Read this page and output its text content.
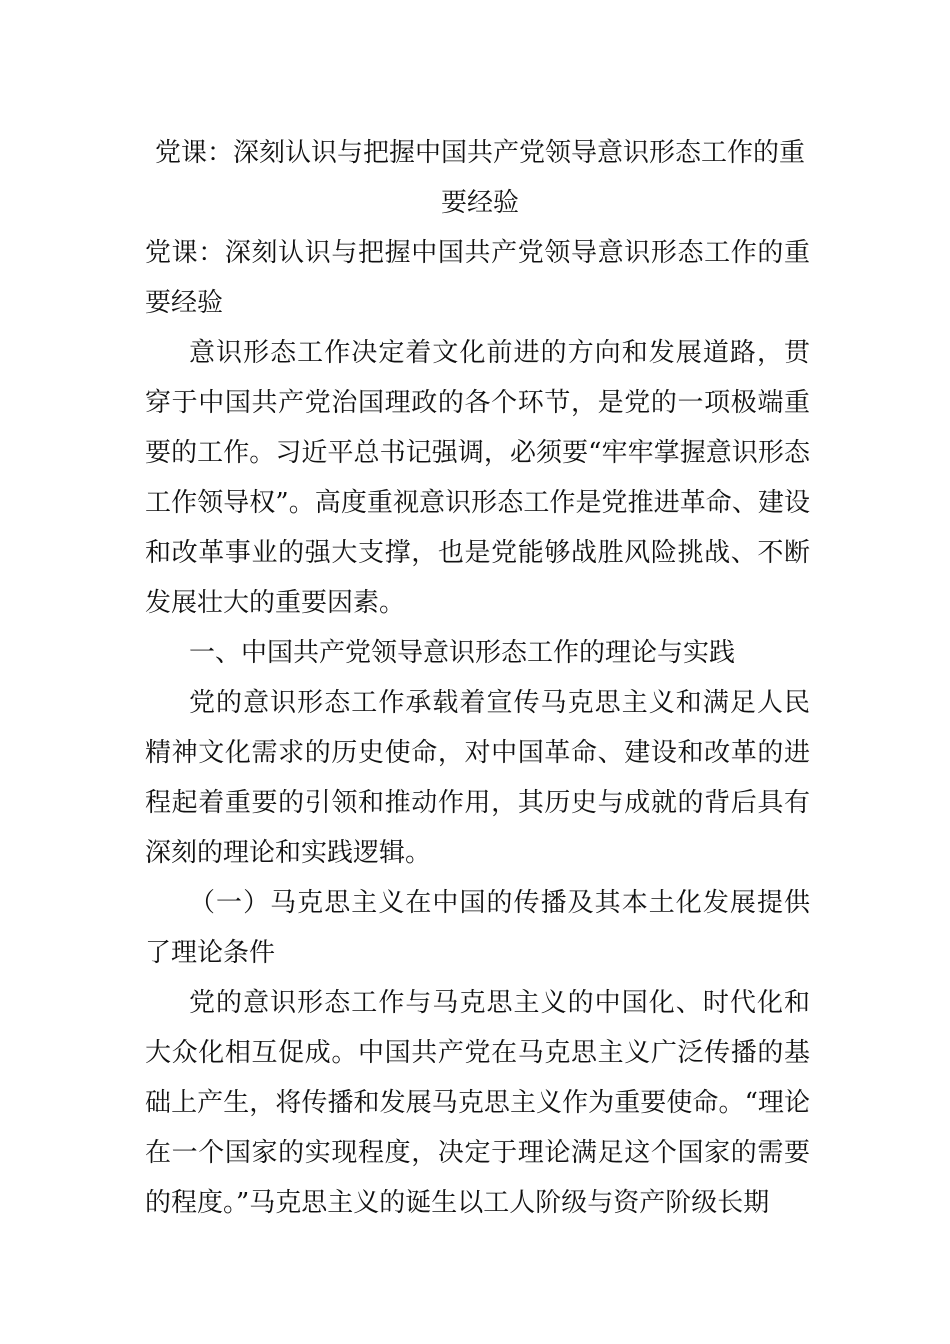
党课：深刻认识与把握中国共产党领导意识形态工作的重要经验

党课：深刻认识与把握中国共产党领导意识形态工作的重要经验

意识形态工作决定着文化前进的方向和发展道路，贯穿于中国共产党治国理政的各个环节，是党的一项极端重要的工作。习近平总书记强调，必须要“牢牢掌握意识形态工作领导权”。高度重视意识形态工作是党推进革命、建设和改革事业的强大支撑，也是党能够战胜风险挑战、不断发展壮大的重要因素。

一、中国共产党领导意识形态工作的理论与实践

党的意识形态工作承载着宣传马克思主义和满足人民精神文化需求的历史使命，对中国革命、建设和改革的进程起着重要的引领和推动作用，其历史与成就的背后具有深刻的理论和实践逻辑。

（一）马克思主义在中国的传播及其本土化发展提供了理论条件

党的意识形态工作与马克思主义的中国化、时代化和大众化相互促成。中国共产党在马克思主义广泛传播的基础上产生，将传播和发展马克思主义作为重要使命。“理论在一个国家的实现程度，决定于理论满足这个国家的需要的程度。”马克思主义的诞生以工人阶级与资产阶级长期
